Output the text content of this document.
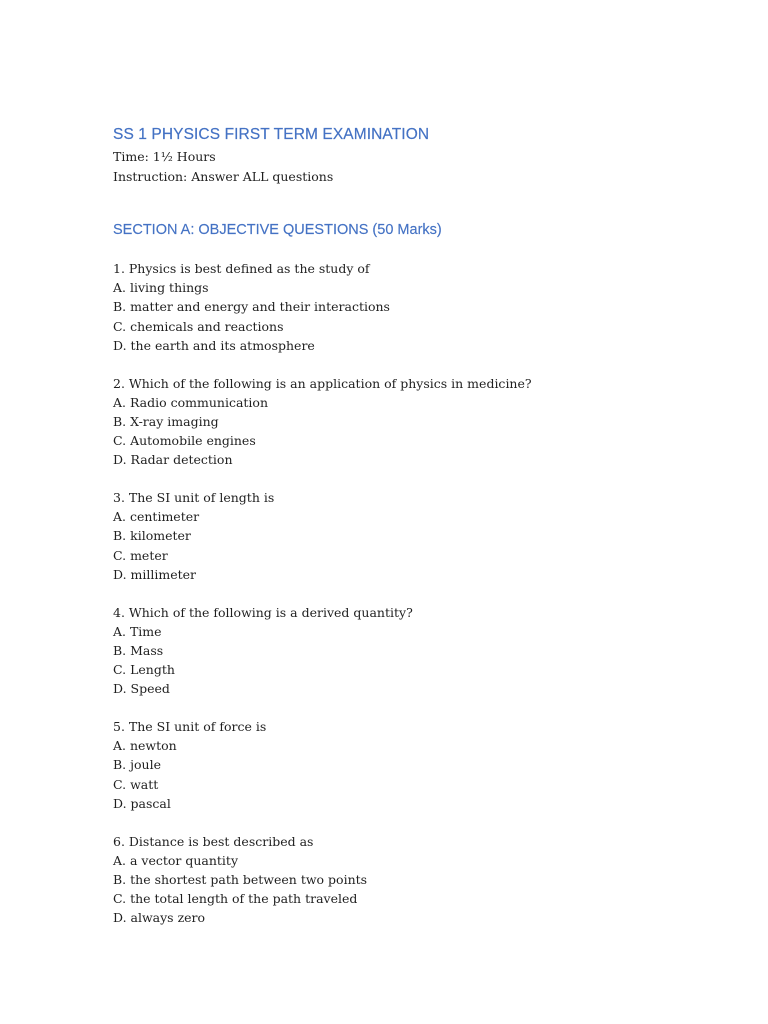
SS 1 PHYSICS FIRST TERM EXAMINATION

Time: 1½ Hours

Instruction: Answer ALL questions

SECTION A: OBJECTIVE QUESTIONS (50 Marks)

1. Physics is best defined as the study of

A. living things

B. matter and energy and their interactions

C. chemicals and reactions

D. the earth and its atmosphere

2. Which of the following is an application of physics in medicine?

A. Radio communication

B. X-ray imaging

C. Automobile engines

D. Radar detection

3. The SI unit of length is

A. centimeter

B. kilometer

C. meter

D. millimeter

4. Which of the following is a derived quantity?

A. Time

B. Mass

C. Length

D. Speed

5. The SI unit of force is

A. newton

B. joule

C. watt

D. pascal

6. Distance is best described as

A. a vector quantity

B. the shortest path between two points

C. the total length of the path traveled

D. always zero
